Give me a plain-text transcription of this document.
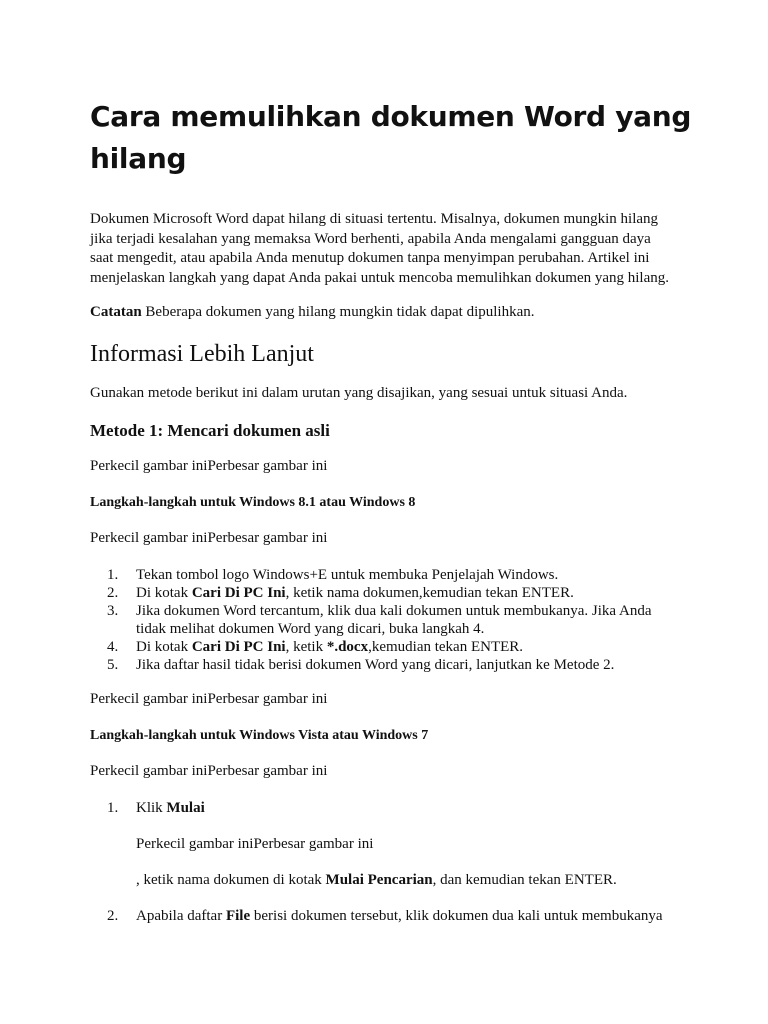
Cara memulihkan dokumen Word yang hilang
Dokumen Microsoft Word dapat hilang di situasi tertentu. Misalnya, dokumen mungkin hilang
jika terjadi kesalahan yang memaksa Word berhenti, apabila Anda mengalami gangguan daya
saat mengedit, atau apabila Anda menutup dokumen tanpa menyimpan perubahan. Artikel ini
menjelaskan langkah yang dapat Anda pakai untuk mencoba memulihkan dokumen yang hilang.
Catatan Beberapa dokumen yang hilang mungkin tidak dapat dipulihkan.
Informasi Lebih Lanjut
Gunakan metode berikut ini dalam urutan yang disajikan, yang sesuai untuk situasi Anda.
Metode 1: Mencari dokumen asli
Perkecil gambar iniPerbesar gambar ini
Langkah-langkah untuk Windows 8.1 atau Windows 8
Perkecil gambar iniPerbesar gambar ini
1. Tekan tombol logo Windows+E untuk membuka Penjelajah Windows.
2. Di kotak Cari Di PC Ini, ketik nama dokumen,kemudian tekan ENTER.
3. Jika dokumen Word tercantum, klik dua kali dokumen untuk membukanya. Jika Anda tidak melihat dokumen Word yang dicari, buka langkah 4.
4. Di kotak Cari Di PC Ini, ketik *.docx,kemudian tekan ENTER.
5. Jika daftar hasil tidak berisi dokumen Word yang dicari, lanjutkan ke Metode 2.
Perkecil gambar iniPerbesar gambar ini
Langkah-langkah untuk Windows Vista atau Windows 7
Perkecil gambar iniPerbesar gambar ini
1. Klik Mulai
Perkecil gambar iniPerbesar gambar ini
, ketik nama dokumen di kotak Mulai Pencarian, dan kemudian tekan ENTER.
2. Apabila daftar File berisi dokumen tersebut, klik dokumen dua kali untuk membukanya
